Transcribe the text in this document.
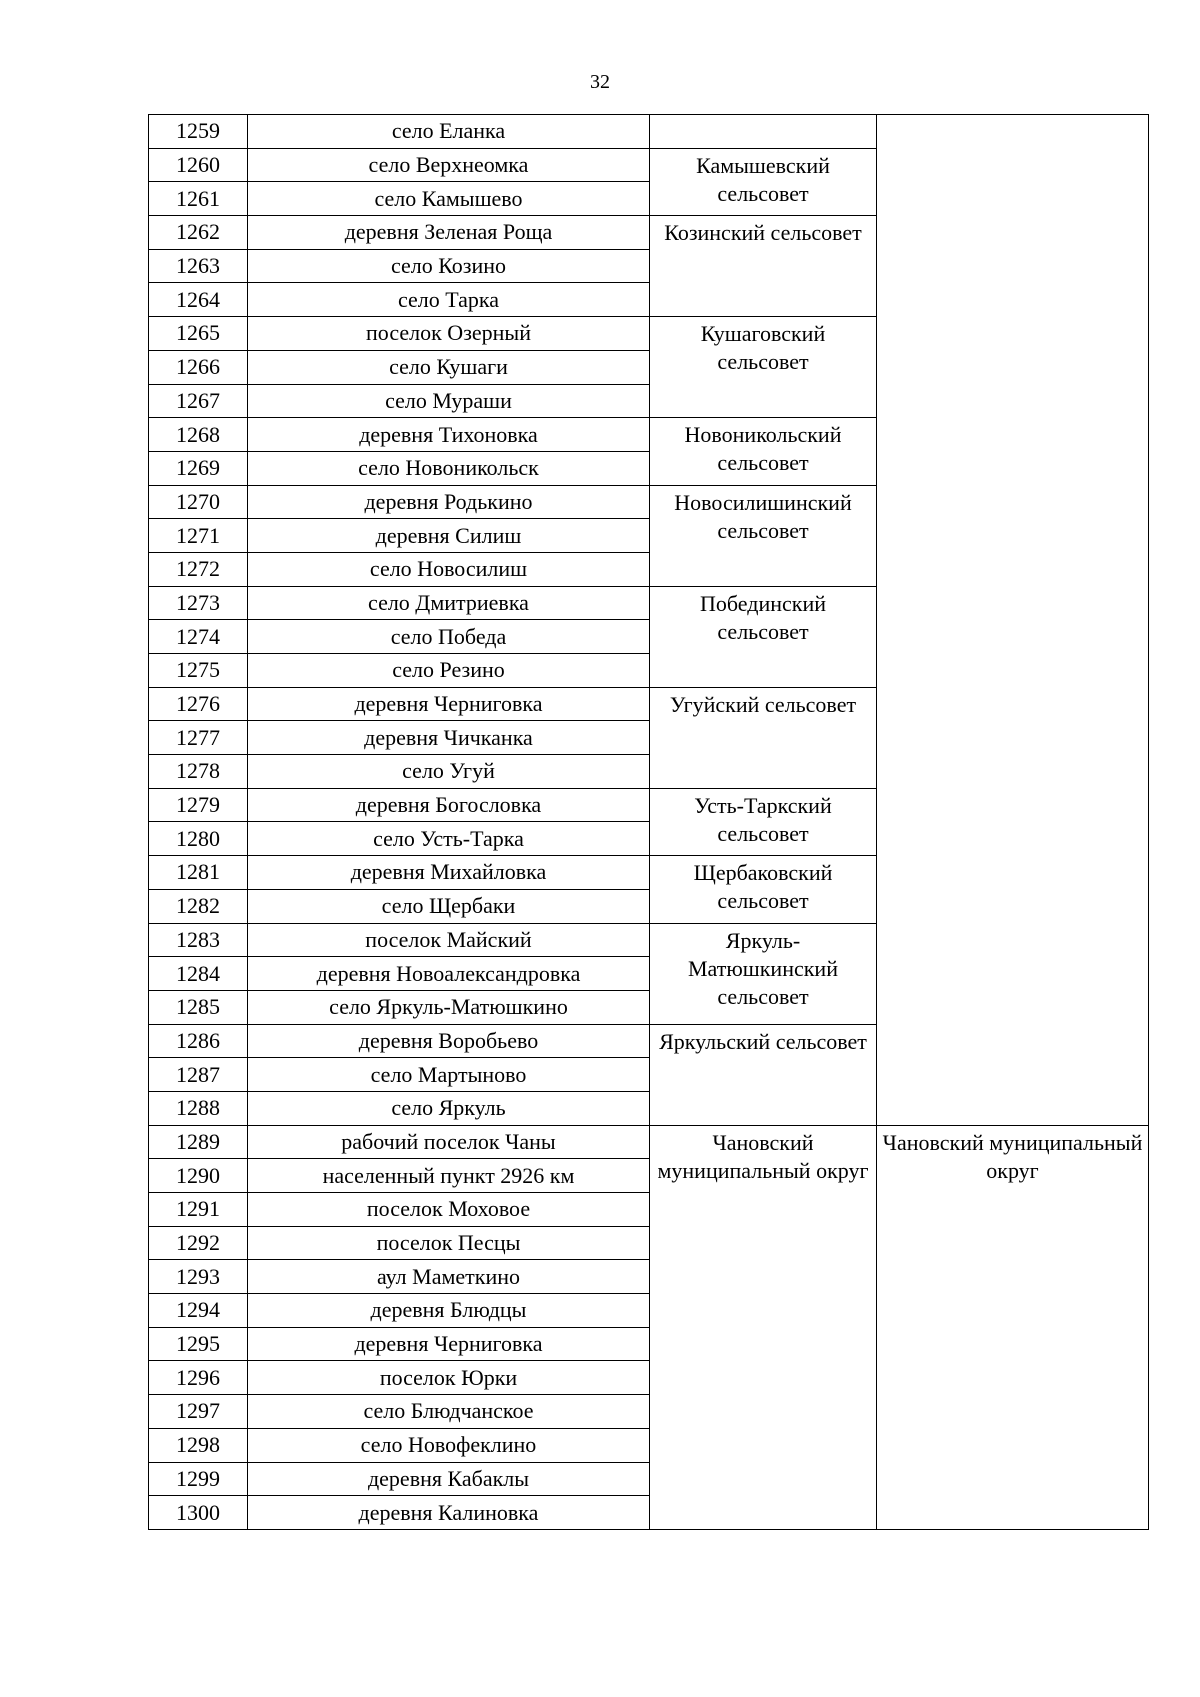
32
1259	село Еланка		
1260	село Верхнеомка	Камышевский сельсовет	
1261	село Камышево		
1262	деревня Зеленая Роща	Козинский сельсовет	
1263	село Козино		
1264	село Тарка		
1265	поселок Озерный	Кушаговский сельсовет	
1266	село Кушаги		
1267	село Мураши		
1268	деревня Тихоновка	Новоникольский сельсовет	
1269	село Новоникольск		
1270	деревня Родькино	Новосилишинский сельсовет	
1271	деревня Силиш		
1272	село Новосилиш		
1273	село Дмитриевка	Побединский сельсовет	
1274	село Победа		
1275	село Резино		
1276	деревня Черниговка	Угуйский сельсовет	
1277	деревня Чичканка		
1278	село Угуй		
1279	деревня Богословка	Усть-Таркский сельсовет	
1280	село Усть-Тарка		
1281	деревня Михайловка	Щербаковский сельсовет	
1282	село Щербаки		
1283	поселок Майский	Яркуль-Матюшкинский сельсовет	
1284	деревня Новоалександровка		
1285	село Яркуль-Матюшкино		
1286	деревня Воробьево	Яркульский сельсовет	
1287	село Мартыново		
1288	село Яркуль		
1289	рабочий поселок Чаны	Чановский муниципальный округ	Чановский муниципальный округ
1290	населенный пункт 2926 км		
1291	поселок Моховое		
1292	поселок Песцы		
1293	аул Маметкино		
1294	деревня Блюдцы		
1295	деревня Черниговка		
1296	поселок Юрки		
1297	село Блюдчанское		
1298	село Новофеклино		
1299	деревня Кабаклы		
1300	деревня Калиновка		
